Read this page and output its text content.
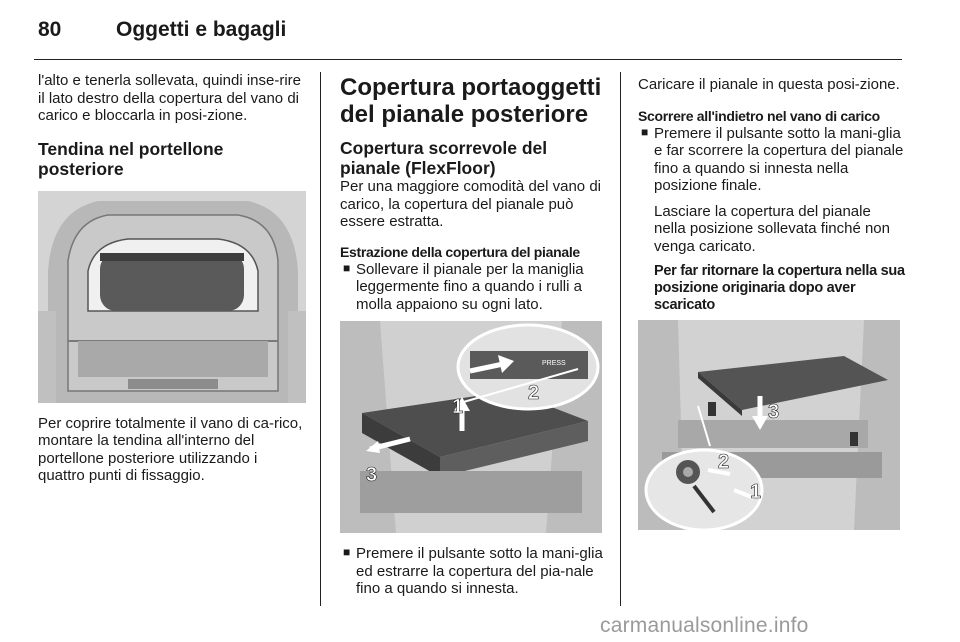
80	Oggetti e bagagli

l'alto e tenerla sollevata, quindi inse-rire il lato destro della copertura del vano di carico e bloccarla in posi-zione.

Tendina nel portellone posteriore

Per coprire totalmente il vano di ca-rico, montare la tendina all'interno del portellone posteriore utilizzando i quattro punti di fissaggio.

Copertura portaoggetti del pianale posteriore
Copertura scorrevole del pianale (FlexFloor)

Per una maggiore comodità del vano di carico, la copertura del pianale può essere estratta.

Estrazione della copertura del pianale
■ Sollevare il pianale per la maniglia leggermente fino a quando i rulli a molla appaiono su ogni lato.

PRESS
1
2
3
■ Premere il pulsante sotto la mani-glia ed estrarre la copertura del pia-nale fino a quando si innesta.

Caricare il pianale in questa posi-zione.

Scorrere all'indietro nel vano di carico
■ Premere il pulsante sotto la mani-glia e far scorrere la copertura del pianale fino a quando si innesta nella posizione finale.

Lasciare la copertura del pianale nella posizione sollevata finché non venga caricato.

Per far ritornare la copertura nella sua posizione originaria dopo aver scaricato
3
2
1
carmanualsonline.info
